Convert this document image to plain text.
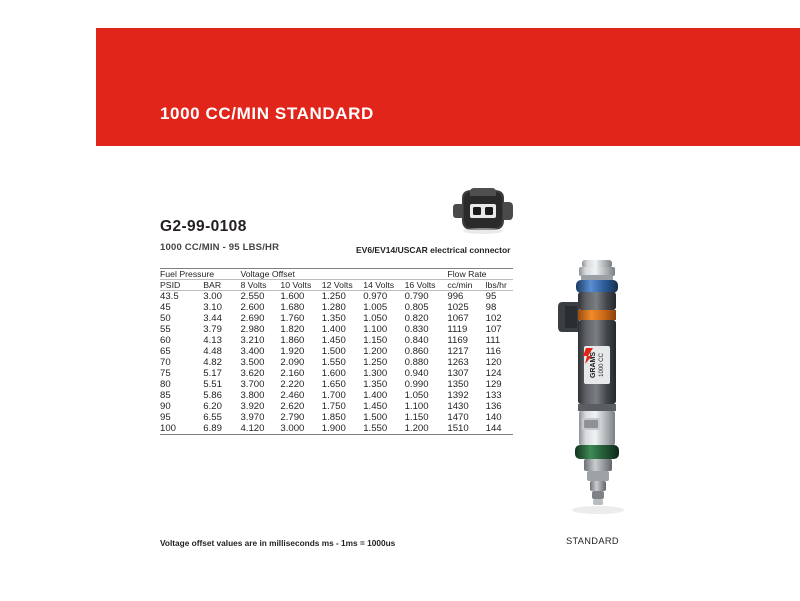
1000 CC/MIN STANDARD
G2-99-0108
1000 CC/MIN - 95 LBS/HR	EV6/EV14/USCAR electrical connector
Fuel Pressure		Voltage Offset					Flow Rate	
PSID	BAR	8 Volts	10 Volts	12 Volts	14 Volts	16 Volts	cc/min	lbs/hr
43.5	3.00	2.550	1.600	1.250	0.970	0.790	996	95
45	3.10	2.600	1.680	1.280	1.005	0.805	1025	98
50	3.44	2.690	1.760	1.350	1.050	0.820	1067	102
55	3.79	2.980	1.820	1.400	1.100	0.830	1119	107
60	4.13	3.210	1.860	1.450	1.150	0.840	1169	111
65	4.48	3.400	1.920	1.500	1.200	0.860	1217	116
70	4.82	3.500	2.090	1.550	1.250	0.880	1263	120
75	5.17	3.620	2.160	1.600	1.300	0.940	1307	124
80	5.51	3.700	2.220	1.650	1.350	0.990	1350	129
85	5.86	3.800	2.460	1.700	1.400	1.050	1392	133
90	6.20	3.920	2.620	1.750	1.450	1.100	1430	136
95	6.55	3.970	2.790	1.850	1.500	1.150	1470	140
100	6.89	4.120	3.000	1.900	1.550	1.200	1510	144
Voltage offset values are in milliseconds ms - 1ms = 1000us
GRAMS 1000 CC
STANDARD
